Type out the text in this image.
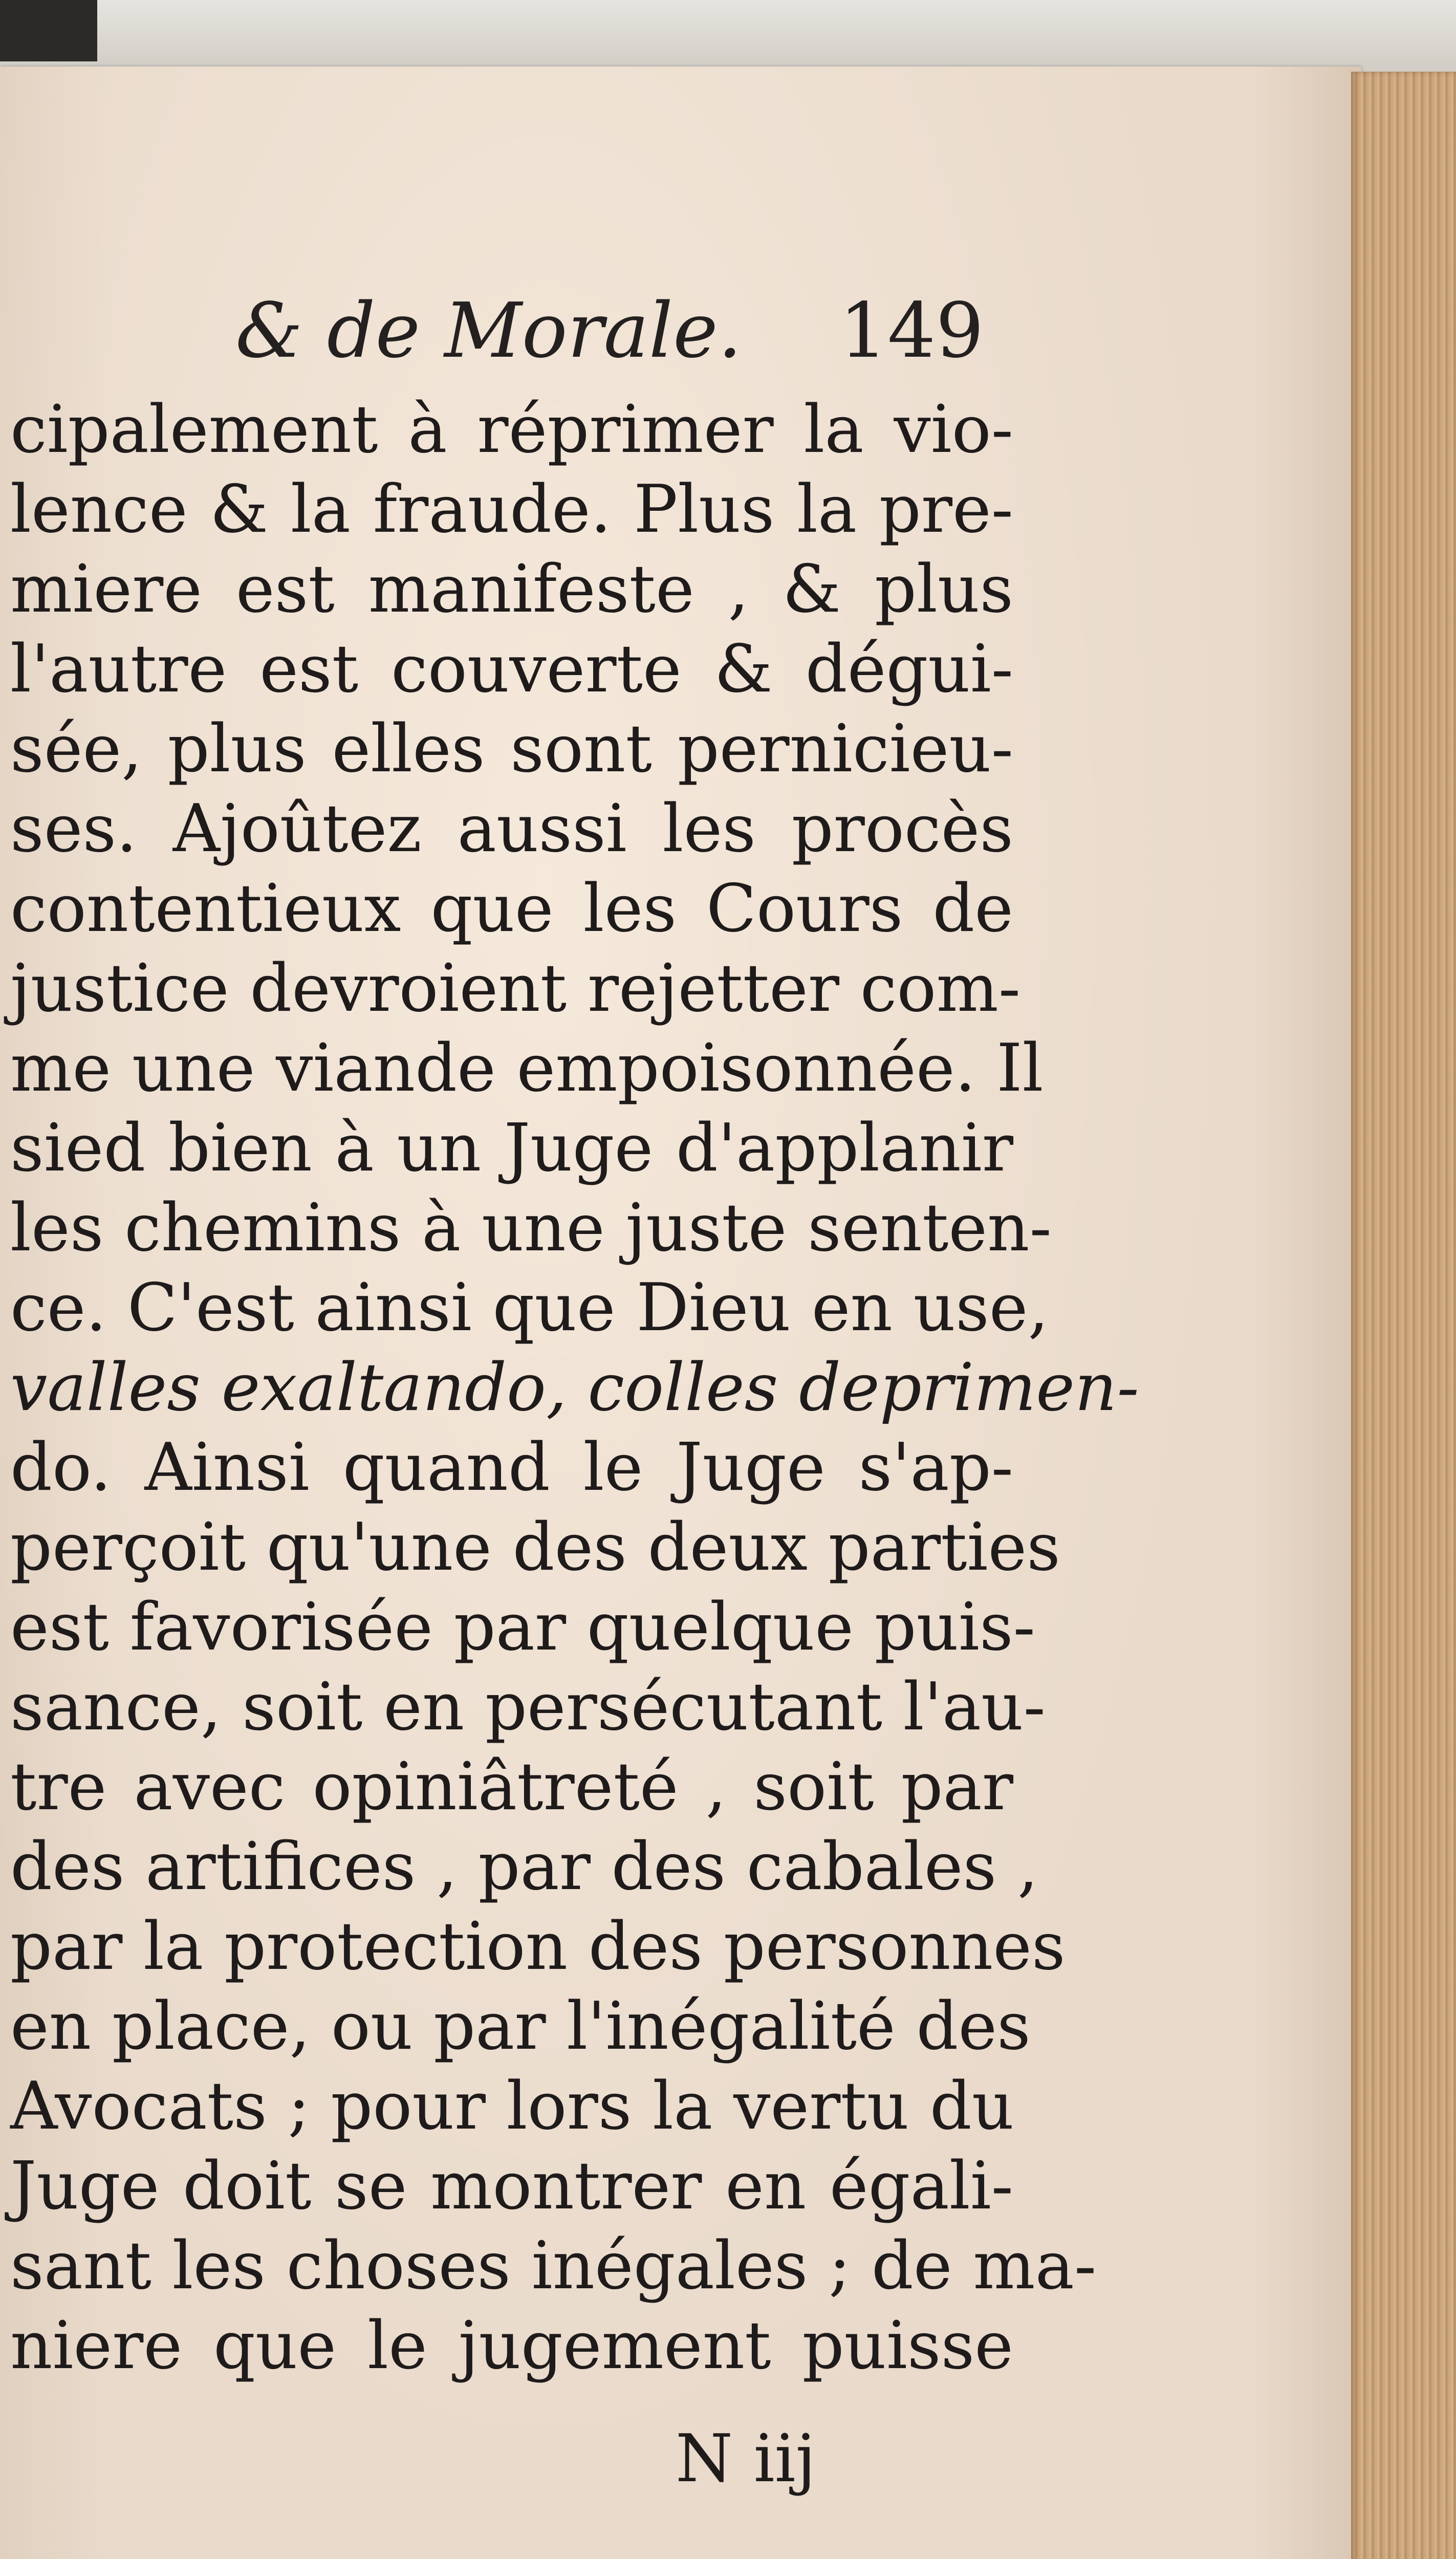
& de Morale. 149
cipalement à réprimer la vio-
lence & la fraude. Plus la pre-
miere est manifeste , & plus
l'autre est couverte & dégui-
sée, plus elles sont pernicieu-
ses. Ajoûtez aussi les procès
contentieux que les Cours de
justice devroient rejetter com-
me une viande empoisonnée. Il
sied bien à un Juge d'applanir
les chemins à une juste senten-
ce. C'est ainsi que Dieu en use,
valles exaltando, colles deprimen-
do. Ainsi quand le Juge s'ap-
perçoit qu'une des deux parties
est favorisée par quelque puis-
sance, soit en persécutant l'au-
tre avec opiniâtreté , soit par
des artifices , par des cabales ,
par la protection des personnes
en place, ou par l'inégalité des
Avocats ; pour lors la vertu du
Juge doit se montrer en égali-
sant les choses inégales ; de ma-
niere que le jugement puisse
N iij
